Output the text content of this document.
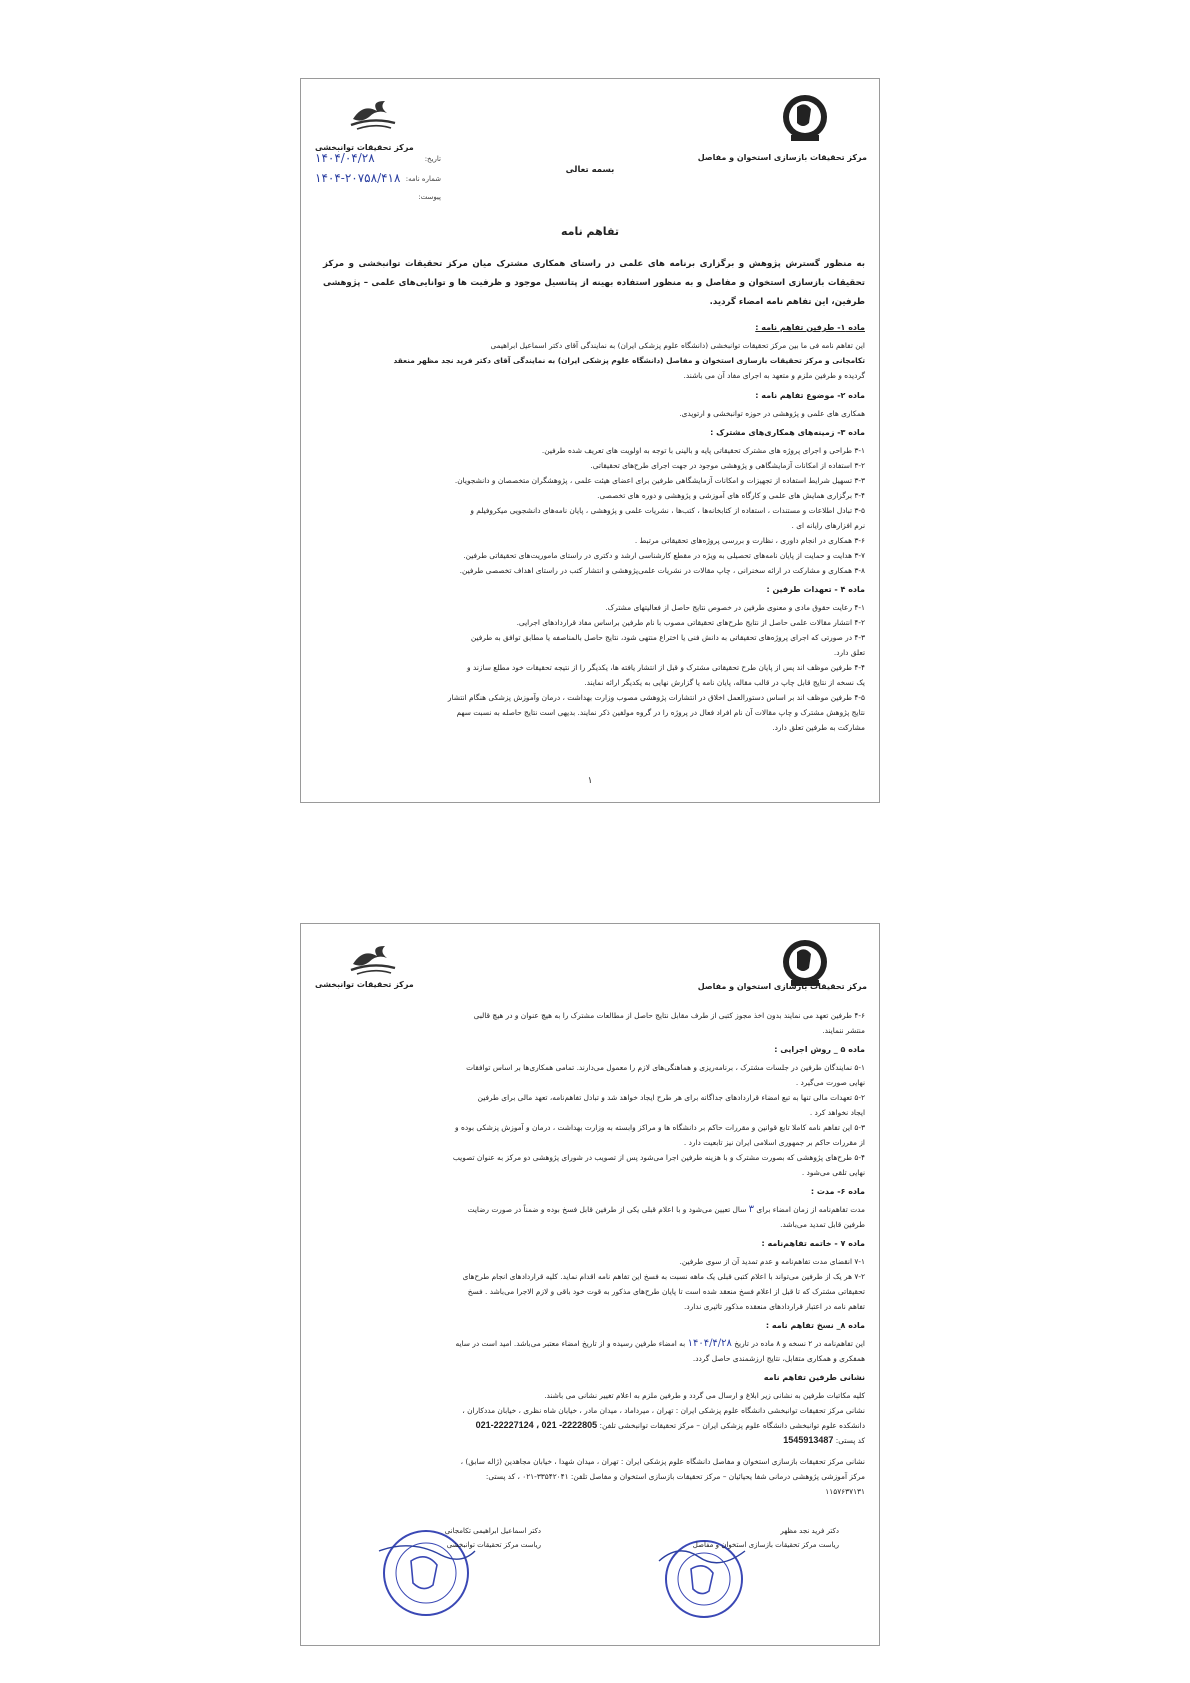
مرکز تحقیقات توانبخشی
مرکز تحقیقات بازسازی استخوان و مفاصل
بسمه تعالی
۱۴۰۴/۰۴/۲۸	تاریخ:
۱۴۰۴-۲۰۷۵۸/۴۱۸ شماره نامه:
پیوست:
تفاهم نامه

به منظور گسترش پژوهش و برگزاری برنامه های علمی در راستای همکاری مشترک میان مرکز تحقیقات توانبخشی و مرکز تحقیقات بازسازی استخوان و مفاصل و به منظور استفاده بهینه از پتانسیل موجود و ظرفیت ها و توانایی‌های علمی – پژوهشی طرفین، این تفاهم نامه امضاء گردید.

ماده ۱- طرفین تفاهم نامه :

این تفاهم نامه فی ما بین مرکز تحقیقات توانبخشی (دانشگاه علوم پزشکی ایران) به نمایندگی آقای دکتر اسماعیل ابراهیمی

تکامجانی و مرکز تحقیقات بازسازی استخوان و مفاصل (دانشگاه علوم پزشکی ایران) به نمایندگی آقای دکتر فرید نجد مظهر منعقد

گردیده و طرفین ملزم و متعهد به اجرای مفاد آن می باشند.

ماده ۲- موضوع تفاهم نامه :

همکاری های علمی و پژوهشی در حوزه توانبخشی و ارتوپدی.

ماده ۳- زمینه‌های همکاری‌های مشترک :

۳-۱ طراحی و اجرای پروژه های مشترک تحقیقاتی پایه و بالینی با توجه به اولویت های تعریف شده طرفین.

۳-۲ استفاده از امکانات آزمایشگاهی و پژوهشی موجود در جهت اجرای طرح‌های تحقیقاتی.

۳-۳ تسهیل شرایط استفاده از تجهیزات و امکانات آزمایشگاهی طرفین برای اعضای هیئت علمی ، پژوهشگران متخصصان و دانشجویان.

۳-۴ برگزاری همایش های علمی و کارگاه های آموزشی و پژوهشی و دوره های تخصصی.

۳-۵ تبادل اطلاعات و مستندات ، استفاده از کتابخانه‌ها ، کتب‌ها ، نشریات علمی و پژوهشی ، پایان نامه‌های دانشجویی میکروفیلم و

نرم افزارهای رایانه ای .

۳-۶ همکاری در انجام داوری ، نظارت و بررسی پروژه‌های تحقیقاتی مرتبط .

۳-۷ هدایت و حمایت از پایان نامه‌های تحصیلی به ویژه در مقطع کارشناسی ارشد و دکتری در راستای ماموریت‌های تحقیقاتی طرفین.

۳-۸ همکاری و مشارکت در ارائه سخنرانی ، چاپ مقالات در نشریات علمی‌پژوهشی و انتشار کتب در راستای اهداف تخصصی طرفین.

ماده ۴ - تعهدات طرفین :

۴-۱ رعایت حقوق مادی و معنوی طرفین در خصوص نتایج حاصل از فعالیتهای مشترک.

۴-۲ انتشار مقالات علمی حاصل از نتایج طرح‌های تحقیقاتی مصوب با نام طرفین براساس مفاد قراردادهای اجرایی.

۴-۳ در صورتی که اجرای پروژه‌های تحقیقاتی به دانش فنی یا اختراع منتهی شود، نتایج حاصل بالمناصفه یا مطابق توافق به طرفین

تعلق دارد.

۴-۴ طرفین موظف اند پس از پایان طرح تحقیقاتی مشترک و قبل از انتشار یافته ها، یکدیگر را از نتیجه تحقیقات خود مطلع سازند و

یک نسخه از نتایج قابل چاپ در قالب مقاله، پایان نامه یا گزارش نهایی به یکدیگر ارائه نمایند.

۴-۵ طرفین موظف اند بر اساس دستورالعمل اخلاق در انتشارات پژوهشی مصوب وزارت بهداشت ، درمان وآموزش پزشکی هنگام انتشار

نتایج پژوهش مشترک و چاپ مقالات آن نام افراد فعال در پروژه را در گروه مولفین ذکر نمایند. بدیهی است نتایج حاصله به نسبت سهم

مشارکت به طرفین تعلق دارد.

۱
مرکز تحقیقات توانبخشی	مرکز تحقیقات بازسازی استخوان و مفاصل

۴-۶ طرفین تعهد می نمایند بدون اخذ مجوز کتبی از طرف مقابل نتایج حاصل از مطالعات مشترک را به هیچ عنوان و در هیچ قالبی

منتشر ننمایند.

ماده ۵ _ روش اجرایی :

۵-۱ نمایندگان طرفین در جلسات مشترک ، برنامه‌ریزی و هماهنگی‌های لازم را معمول می‌دارند. تمامی همکاری‌ها بر اساس توافقات

نهایی صورت می‌گیرد .

۵-۲ تعهدات مالی تنها به تبع امضاء قراردادهای جداگانه برای هر طرح ایجاد خواهد شد و تبادل تفاهم‌نامه، تعهد مالی برای طرفین

ایجاد نخواهد کرد .

۵-۳ این تفاهم نامه کاملا تابع قوانین و مقررات حاکم بر دانشگاه ها و مراکز وابسته به وزارت بهداشت ، درمان و آموزش پزشکی بوده و

از مقررات حاکم بر جمهوری اسلامی ایران نیز تابعیت دارد .

۵-۴ طرح‌های پژوهشی که بصورت مشترک و با هزینه طرفین اجرا می‌شود پس از تصویب در شورای پژوهشی دو مرکز به عنوان تصویب

نهایی تلقی می‌شود .

ماده ۶- مدت :

مدت تفاهم‌نامه از زمان امضاء برای ۳ سال تعیین می‌شود و با اعلام قبلی یکی از طرفین قابل فسخ بوده و ضمناً در صورت رضایت

طرفین قابل تمدید می‌باشد.

ماده ۷ - خاتمه تفاهم‌نامه :

۷-۱ انقضای مدت تفاهم‌نامه و عدم تمدید آن از سوی طرفین.

۷-۲ هر یک از طرفین می‌تواند با اعلام کتبی قبلی یک ماهه نسبت به فسخ این تفاهم نامه اقدام نماید. کلیه قراردادهای انجام طرح‌های

تحقیقاتی مشترک که تا قبل از اعلام فسخ منعقد شده است تا پایان طرح‌های مذکور به قوت خود باقی و لازم الاجرا می‌باشد . فسخ

تفاهم نامه در اعتبار قراردادهای منعقده مذکور تاثیری ندارد.

ماده ۸_ نسخ تفاهم نامه :

این تفاهم‌نامه در ۲ نسخه و ۸ ماده در تاریخ ۱۴۰۴/۴/۲۸ به امضاء طرفین رسیده و از تاریخ امضاء معتبر می‌باشد. امید است در سایه

همفکری و همکاری متقابل، نتایج ارزشمندی حاصل گردد.

نشانی طرفین تفاهم نامه

کلیه مکاتبات طرفین به نشانی زیر ابلاغ و ارسال می گردد و طرفین ملزم به اعلام تغییر نشانی می باشند.

نشانی مرکز تحقیقات توانبخشی دانشگاه علوم پزشکی ایران : تهران ، میرداماد ، میدان مادر ، خیابان شاه نظری ، خیابان مددکاران ،

دانشکده علوم توانبخشی دانشگاه علوم پزشکی ایران – مرکز تحقیقات توانبخشی تلفن: 021-22227124 ، 021 -2222805

کد پستی: 1545913487

نشانی مرکز تحقیقات بازسازی استخوان و مفاصل دانشگاه علوم پزشکی ایران : تهران ، میدان شهدا ، خیابان مجاهدین (ژاله سابق) ،

مرکز آموزشی پژوهشی درمانی شفا یحیائیان – مرکز تحقیقات بازسازی استخوان و مفاصل تلفن: ۳۳۵۴۲۰۴۱-۰۲۱ ، کد پستی:

۱۱۵۷۶۳۷۱۳۱

دکتر اسماعیل ابراهیمی تکامجانی
ریاست مرکز تحقیقات توانبخشی
دکتر فرید نجد مظهر
ریاست مرکز تحقیقات بازسازی استخوان و مفاصل
